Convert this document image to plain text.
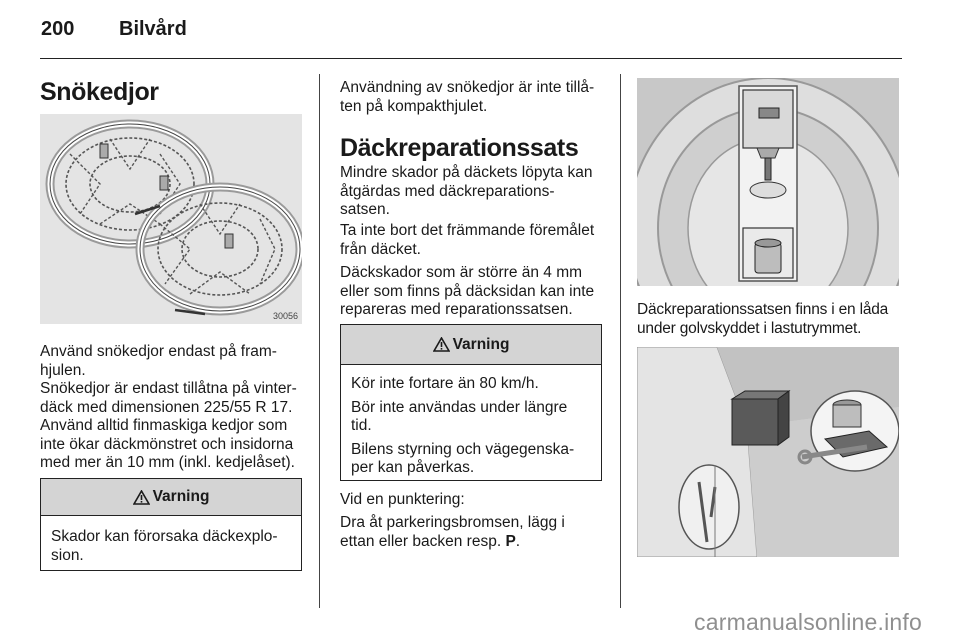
200 Bilvård
Snökedjor
30056

Använd snökedjor endast på fram-
hjulen.

Snökedjor är endast tillåtna på vinter-
däck med dimensionen 225/55 R 17.
Använd alltid finmaskiga kedjor som
inte ökar däckmönstret och insidorna
med mer än 10 mm (inkl. kedjelåset).

Varning

Skador kan förorsaka däckexplo-
sion.

Användning av snökedjor är inte tillå-
ten på kompakthjulet.

Däckreparationssats

Mindre skador på däckets löpyta kan
åtgärdas med däckreparations-
satsen.

Ta inte bort det främmande föremålet
från däcket.

Däckskador som är större än 4 mm
eller som finns på däcksidan kan inte
repareras med reparationssatsen.

Varning

Kör inte fortare än 80 km/h.

Bör inte användas under längre
tid.

Bilens styrning och vägegenska-
per kan påverkas.

Vid en punktering:

Dra åt parkeringsbromsen, lägg i
ettan eller backen resp. P.

Däckreparationssatsen finns i en låda
under golvskyddet i lastutrymmet.

carmanualsonline.info
